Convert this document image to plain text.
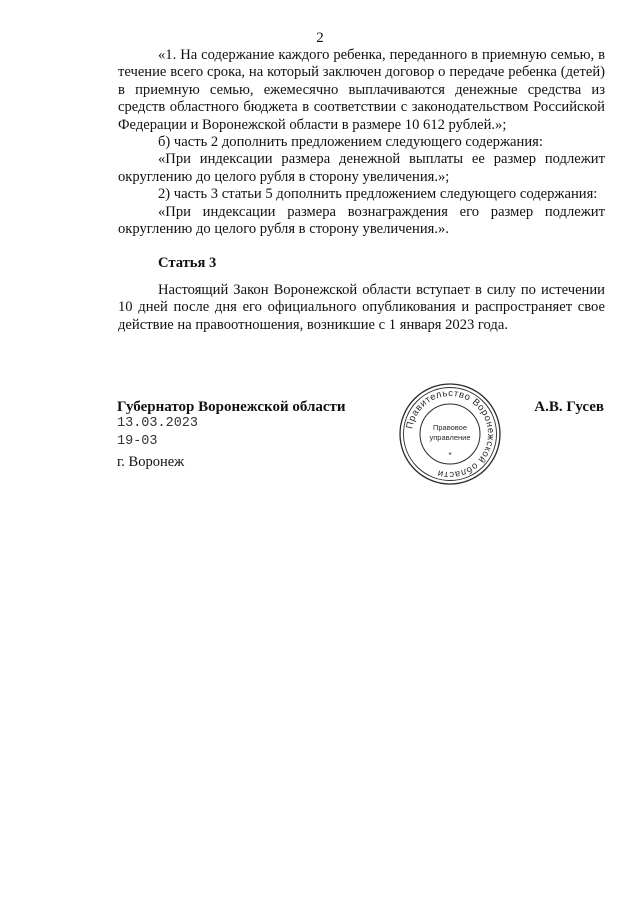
2

«1. На содержание каждого ребенка, переданного в приемную семью, в течение всего срока, на который заключен договор о передаче ребенка (детей) в приемную семью, ежемесячно выплачиваются денежные средства из средств областного бюджета в соответствии с законодательством Российской Федерации и Воронежской области в размере 10 612 рублей.»;

б) часть 2 дополнить предложением следующего содержания:

«При индексации размера денежной выплаты ее размер подлежит округлению до целого рубля в сторону увеличения.»;

2) часть 3 статьи 5 дополнить предложением следующего содержания:

«При индексации размера вознаграждения его размер подлежит округлению до целого рубля в сторону увеличения.».

Статья 3

Настоящий Закон Воронежской области вступает в силу по истечении 10 дней после дня его официального опубликования и распространяет свое действие на правоотношения, возникшие с 1 января 2023 года.

Губернатор Воронежской области	А.В. Гусев
13.03.2023
19-03
г. Воронеж
Правительство Воронежской области
Правовое
управление
*
